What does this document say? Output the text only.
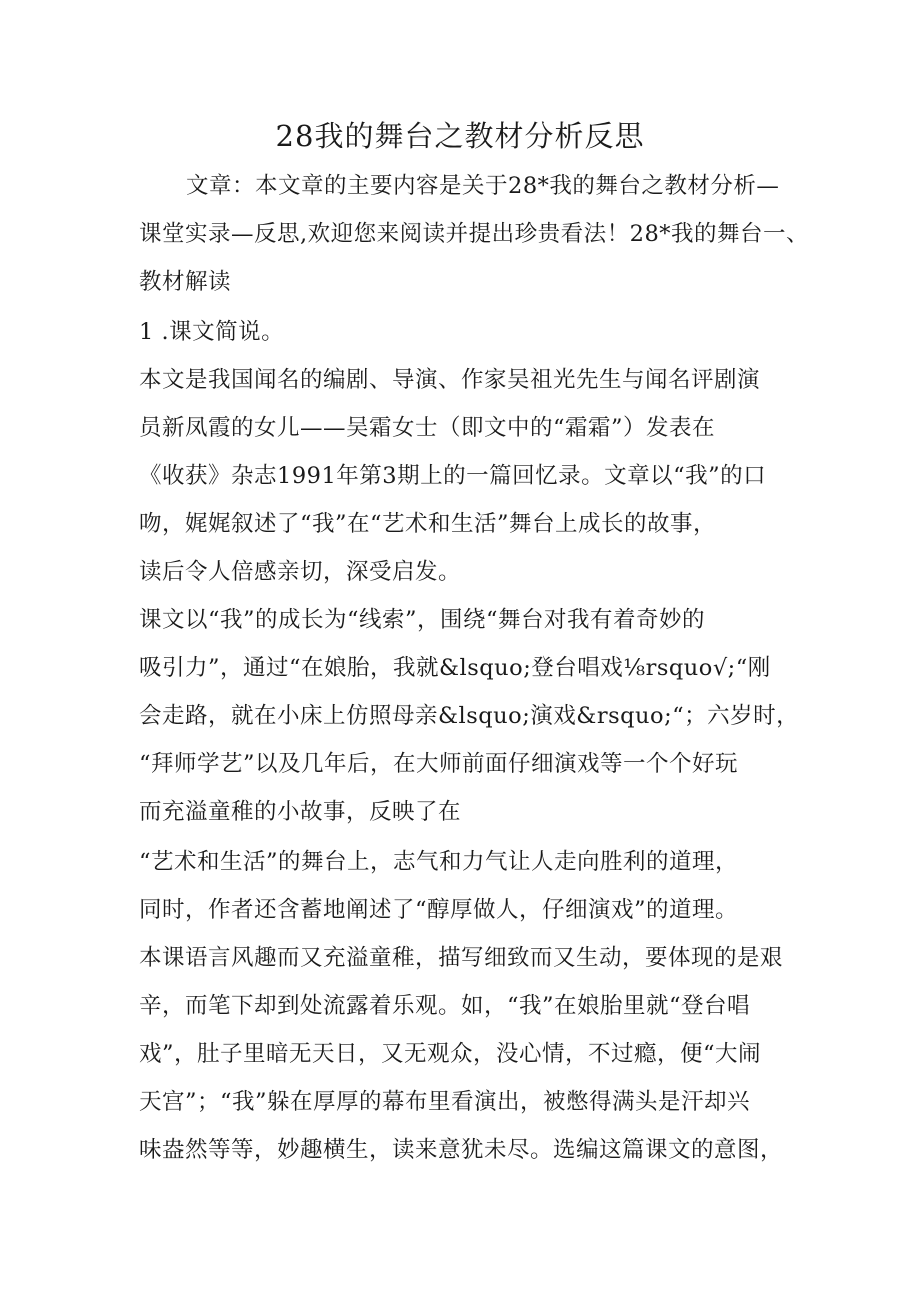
28我的舞台之教材分析反思
文章：本文章的主要内容是关于28*我的舞台之教材分析—
课堂实录—反思,欢迎您来阅读并提出珍贵看法！28*我的舞台一、
教材解读
1 .课文简说。
本文是我国闻名的编剧、导演、作家吴祖光先生与闻名评剧演
员新凤霞的女儿——吴霜女士（即文中的“霜霜”）发表在
《收获》杂志1991年第3期上的一篇回忆录。文章以“我”的口
吻，娓娓叙述了“我”在“艺术和生活”舞台上成长的故事，
读后令人倍感亲切，深受启发。
课文以“我”的成长为“线索”，围绕“舞台对我有着奇妙的
吸引力”，通过“在娘胎，我就&lsquo;登台唱戏⅛rsquo√;“刚
会走路，就在小床上仿照母亲&lsquo;演戏&rsquo;“；六岁时，
“拜师学艺”以及几年后，在大师前面仔细演戏等一个个好玩
而充溢童稚的小故事，反映了在
“艺术和生活”的舞台上，志气和力气让人走向胜利的道理，
同时，作者还含蓄地阐述了“醇厚做人，仔细演戏”的道理。
本课语言风趣而又充溢童稚，描写细致而又生动，要体现的是艰
辛，而笔下却到处流露着乐观。如，“我”在娘胎里就“登台唱
戏”，肚子里暗无天日，又无观众，没心情，不过瘾，便“大闹
天宫”；“我”躲在厚厚的幕布里看演出，被憋得满头是汗却兴
味盎然等等，妙趣横生，读来意犹未尽。选编这篇课文的意图，
